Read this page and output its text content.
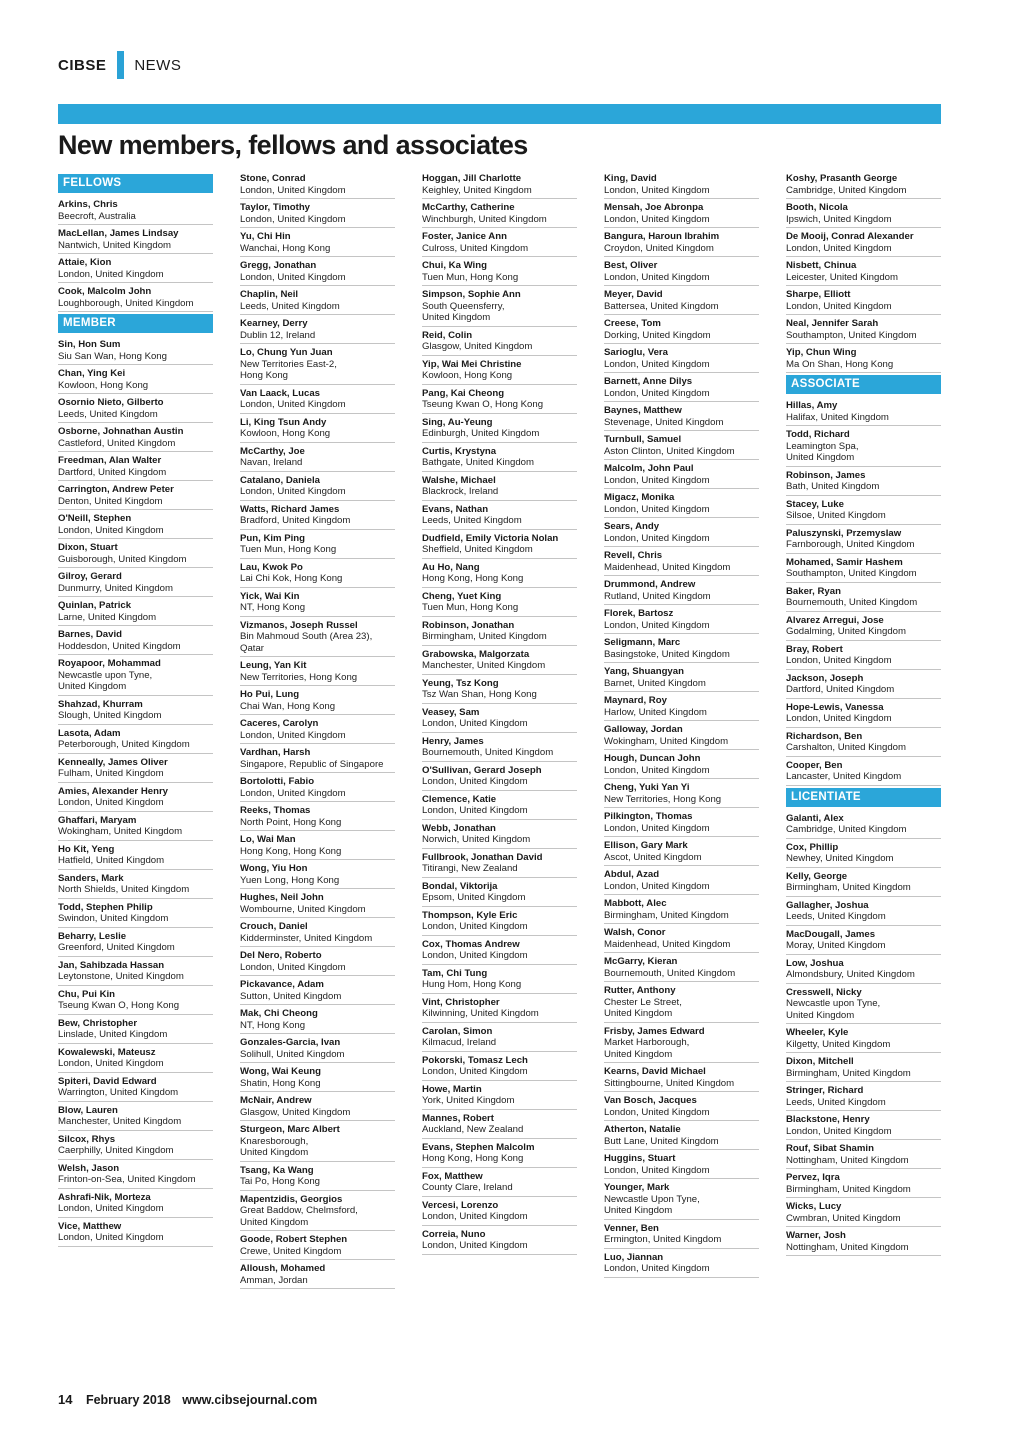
CIBSE NEWS
New members, fellows and associates
FELLOWS
Arkins, Chris
Beecroft, Australia
MacLellan, James Lindsay
Nantwich, United Kingdom
Attaie, Kion
London, United Kingdom
Cook, Malcolm John
Loughborough, United Kingdom
MEMBER
Sin, Hon Sum
Siu San Wan, Hong Kong
Chan, Ying Kei
Kowloon, Hong Kong
Osornio Nieto, Gilberto
Leeds, United Kingdom
Osborne, Johnathan Austin
Castleford, United Kingdom
Freedman, Alan Walter
Dartford, United Kingdom
Carrington, Andrew Peter
Denton, United Kingdom
O'Neill, Stephen
London, United Kingdom
Dixon, Stuart
Guisborough, United Kingdom
Gilroy, Gerard
Dunmurry, United Kingdom
Quinlan, Patrick
Larne, United Kingdom
Barnes, David
Hoddesdon, United Kingdom
Royapoor, Mohammad
Newcastle upon Tyne,
United Kingdom
Shahzad, Khurram
Slough, United Kingdom
Lasota, Adam
Peterborough, United Kingdom
Kenneally, James Oliver
Fulham, United Kingdom
Amies, Alexander Henry
London, United Kingdom
Ghaffari, Maryam
Wokingham, United Kingdom
Ho Kit, Yeng
Hatfield, United Kingdom
Sanders, Mark
North Shields, United Kingdom
Todd, Stephen Philip
Swindon, United Kingdom
Beharry, Leslie
Greenford, United Kingdom
Jan, Sahibzada Hassan
Leytonstone, United Kingdom
Chu, Pui Kin
Tseung Kwan O, Hong Kong
Bew, Christopher
Linslade, United Kingdom
Kowalewski, Mateusz
London, United Kingdom
Spiteri, David Edward
Warrington, United Kingdom
Blow, Lauren
Manchester, United Kingdom
Silcox, Rhys
Caerphilly, United Kingdom
Welsh, Jason
Frinton-on-Sea, United Kingdom
Ashrafi-Nik, Morteza
London, United Kingdom
Vice, Matthew
London, United Kingdom
Stone, Conrad
London, United Kingdom
Taylor, Timothy
London, United Kingdom
Yu, Chi Hin
Wanchai, Hong Kong
Gregg, Jonathan
London, United Kingdom
Chaplin, Neil
Leeds, United Kingdom
Kearney, Derry
Dublin 12, Ireland
Lo, Chung Yun Juan
New Territories East-2,
Hong Kong
Van Laack, Lucas
London, United Kingdom
Li, King Tsun Andy
Kowloon, Hong Kong
McCarthy, Joe
Navan, Ireland
Catalano, Daniela
London, United Kingdom
Watts, Richard James
Bradford, United Kingdom
Pun, Kim Ping
Tuen Mun, Hong Kong
Lau, Kwok Po
Lai Chi Kok, Hong Kong
Yick, Wai Kin
NT, Hong Kong
Vizmanos, Joseph Russel
Bin Mahmoud South (Area 23),
Qatar
Leung, Yan Kit
New Territories, Hong Kong
Ho Pui, Lung
Chai Wan, Hong Kong
Caceres, Carolyn
London, United Kingdom
Vardhan, Harsh
Singapore, Republic of Singapore
Bortolotti, Fabio
London, United Kingdom
Reeks, Thomas
North Point, Hong Kong
Lo, Wai Man
Hong Kong, Hong Kong
Wong, Yiu Hon
Yuen Long, Hong Kong
Hughes, Neil John
Wombourne, United Kingdom
Crouch, Daniel
Kidderminster, United Kingdom
Del Nero, Roberto
London, United Kingdom
Pickavance, Adam
Sutton, United Kingdom
Mak, Chi Cheong
NT, Hong Kong
Gonzales-Garcia, Ivan
Solihull, United Kingdom
Wong, Wai Keung
Shatin, Hong Kong
McNair, Andrew
Glasgow, United Kingdom
Sturgeon, Marc Albert
Knaresborough,
United Kingdom
Tsang, Ka Wang
Tai Po, Hong Kong
Mapentzidis, Georgios
Great Baddow, Chelmsford,
United Kingdom
Goode, Robert Stephen
Crewe, United Kingdom
Alloush, Mohamed
Amman, Jordan
Hoggan, Jill Charlotte
Keighley, United Kingdom
McCarthy, Catherine
Winchburgh, United Kingdom
Foster, Janice Ann
Culross, United Kingdom
Chui, Ka Wing
Tuen Mun, Hong Kong
Simpson, Sophie Ann
South Queensferry,
United Kingdom
Reid, Colin
Glasgow, United Kingdom
Yip, Wai Mei Christine
Kowloon, Hong Kong
Pang, Kai Cheong
Tseung Kwan O, Hong Kong
Sing, Au-Yeung
Edinburgh, United Kingdom
Curtis, Krystyna
Bathgate, United Kingdom
Walshe, Michael
Blackrock, Ireland
Evans, Nathan
Leeds, United Kingdom
Dudfield, Emily Victoria Nolan
Sheffield, United Kingdom
Au Ho, Nang
Hong Kong, Hong Kong
Cheng, Yuet King
Tuen Mun, Hong Kong
Robinson, Jonathan
Birmingham, United Kingdom
Grabowska, Malgorzata
Manchester, United Kingdom
Yeung, Tsz Kong
Tsz Wan Shan, Hong Kong
Veasey, Sam
London, United Kingdom
Henry, James
Bournemouth, United Kingdom
O'Sullivan, Gerard Joseph
London, United Kingdom
Clemence, Katie
London, United Kingdom
Webb, Jonathan
Norwich, United Kingdom
Fullbrook, Jonathan David
Titirangi, New Zealand
Bondal, Viktorija
Epsom, United Kingdom
Thompson, Kyle Eric
London, United Kingdom
Cox, Thomas Andrew
London, United Kingdom
Tam, Chi Tung
Hung Hom, Hong Kong
Vint, Christopher
Kilwinning, United Kingdom
Carolan, Simon
Kilmacud, Ireland
Pokorski, Tomasz Lech
London, United Kingdom
Howe, Martin
York, United Kingdom
Mannes, Robert
Auckland, New Zealand
Evans, Stephen Malcolm
Hong Kong, Hong Kong
Fox, Matthew
County Clare, Ireland
Vercesi, Lorenzo
London, United Kingdom
Correia, Nuno
London, United Kingdom
King, David
London, United Kingdom
Mensah, Joe Abronpa
London, United Kingdom
Bangura, Haroun Ibrahim
Croydon, United Kingdom
Best, Oliver
London, United Kingdom
Meyer, David
Battersea, United Kingdom
Creese, Tom
Dorking, United Kingdom
Sarioglu, Vera
London, United Kingdom
Barnett, Anne Dilys
London, United Kingdom
Baynes, Matthew
Stevenage, United Kingdom
Turnbull, Samuel
Aston Clinton, United Kingdom
Malcolm, John Paul
London, United Kingdom
Migacz, Monika
London, United Kingdom
Sears, Andy
London, United Kingdom
Revell, Chris
Maidenhead, United Kingdom
Drummond, Andrew
Rutland, United Kingdom
Florek, Bartosz
London, United Kingdom
Seligmann, Marc
Basingstoke, United Kingdom
Yang, Shuangyan
Barnet, United Kingdom
Maynard, Roy
Harlow, United Kingdom
Galloway, Jordan
Wokingham, United Kingdom
Hough, Duncan John
London, United Kingdom
Cheng, Yuki Yan Yi
New Territories, Hong Kong
Pilkington, Thomas
London, United Kingdom
Ellison, Gary Mark
Ascot, United Kingdom
Abdul, Azad
London, United Kingdom
Mabbott, Alec
Birmingham, United Kingdom
Walsh, Conor
Maidenhead, United Kingdom
McGarry, Kieran
Bournemouth, United Kingdom
Rutter, Anthony
Chester Le Street,
United Kingdom
Frisby, James Edward
Market Harborough,
United Kingdom
Kearns, David Michael
Sittingbourne, United Kingdom
Van Bosch, Jacques
London, United Kingdom
Atherton, Natalie
Butt Lane, United Kingdom
Huggins, Stuart
London, United Kingdom
Younger, Mark
Newcastle Upon Tyne,
United Kingdom
Venner, Ben
Ermington, United Kingdom
Luo, Jiannan
London, United Kingdom
Koshy, Prasanth George
Cambridge, United Kingdom
Booth, Nicola
Ipswich, United Kingdom
De Mooij, Conrad Alexander
London, United Kingdom
Nisbett, Chinua
Leicester, United Kingdom
Sharpe, Elliott
London, United Kingdom
Neal, Jennifer Sarah
Southampton, United Kingdom
Yip, Chun Wing
Ma On Shan, Hong Kong
ASSOCIATE
Hillas, Amy
Halifax, United Kingdom
Todd, Richard
Leamington Spa,
United Kingdom
Robinson, James
Bath, United Kingdom
Stacey, Luke
Silsoe, United Kingdom
Paluszynski, Przemyslaw
Farnborough, United Kingdom
Mohamed, Samir Hashem
Southampton, United Kingdom
Baker, Ryan
Bournemouth, United Kingdom
Alvarez Arregui, Jose
Godalming, United Kingdom
Bray, Robert
London, United Kingdom
Jackson, Joseph
Dartford, United Kingdom
Hope-Lewis, Vanessa
London, United Kingdom
Richardson, Ben
Carshalton, United Kingdom
Cooper, Ben
Lancaster, United Kingdom
LICENTIATE
Galanti, Alex
Cambridge, United Kingdom
Cox, Phillip
Newhey, United Kingdom
Kelly, George
Birmingham, United Kingdom
Gallagher, Joshua
Leeds, United Kingdom
MacDougall, James
Moray, United Kingdom
Low, Joshua
Almondsbury, United Kingdom
Cresswell, Nicky
Newcastle upon Tyne,
United Kingdom
Wheeler, Kyle
Kilgetty, United Kingdom
Dixon, Mitchell
Birmingham, United Kingdom
Stringer, Richard
Leeds, United Kingdom
Blackstone, Henry
London, United Kingdom
Rouf, Sibat Shamin
Nottingham, United Kingdom
Pervez, Iqra
Birmingham, United Kingdom
Wicks, Lucy
Cwmbran, United Kingdom
Warner, Josh
Nottingham, United Kingdom
14 February 2018 www.cibsejournal.com
